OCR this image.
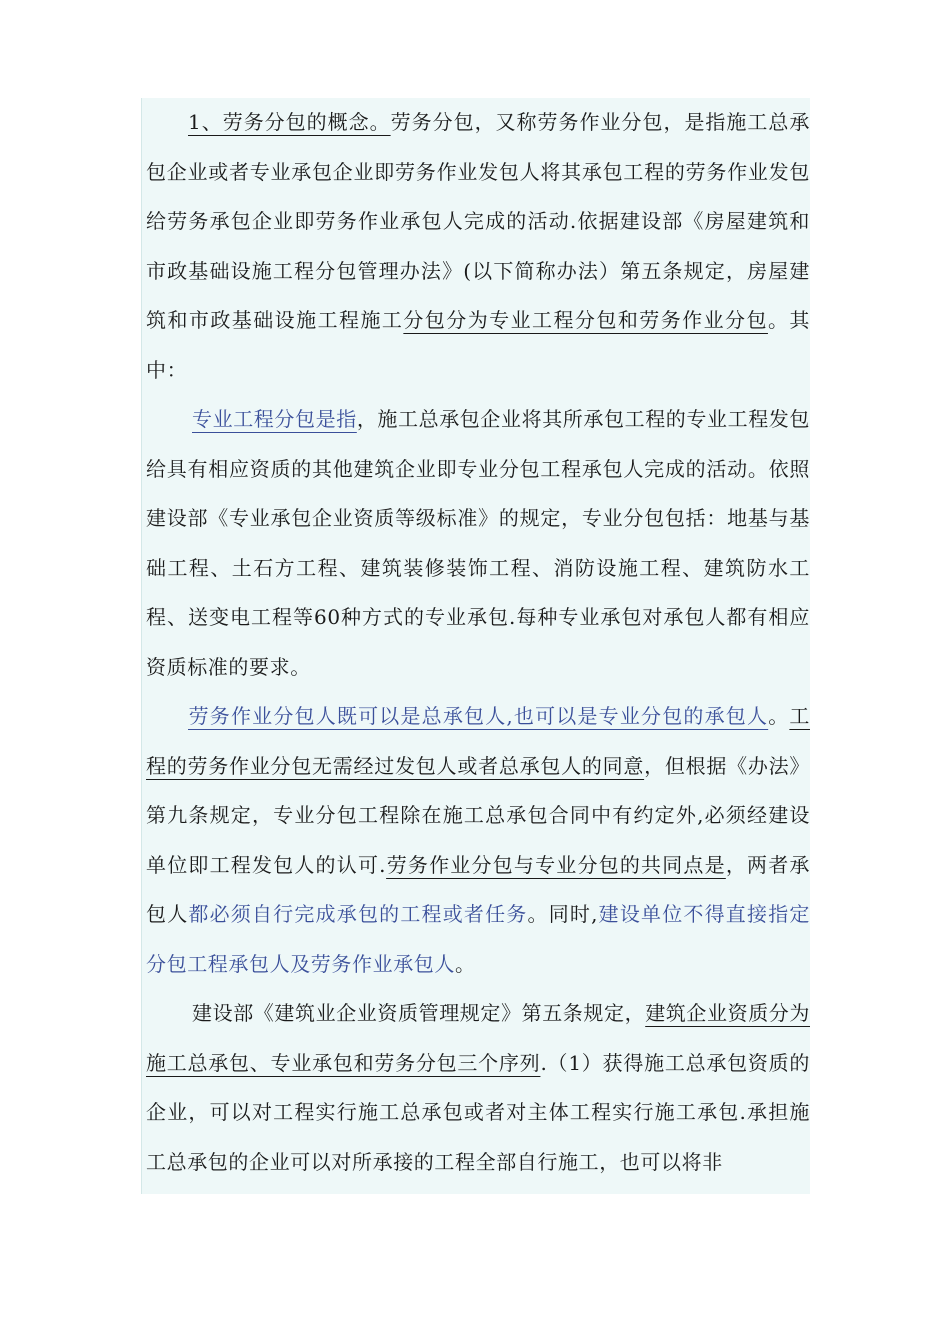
1、劳务分包的概念。劳务分包，又称劳务作业分包，是指施工总承包企业或者专业承包企业即劳务作业发包人将其承包工程的劳务作业发包给劳务承包企业即劳务作业承包人完成的活动.依据建设部《房屋建筑和市政基础设施工程分包管理办法》(以下简称办法）第五条规定，房屋建筑和市政基础设施工程施工分包分为专业工程分包和劳务作业分包。其中：

专业工程分包是指，施工总承包企业将其所承包工程的专业工程发包给具有相应资质的其他建筑企业即专业分包工程承包人完成的活动。依照建设部《专业承包企业资质等级标准》的规定，专业分包包括：地基与基础工程、土石方工程、建筑装修装饰工程、消防设施工程、建筑防水工程、送变电工程等60种方式的专业承包.每种专业承包对承包人都有相应资质标准的要求。

劳务作业分包人既可以是总承包人,也可以是专业分包的承包人。工程的劳务作业分包无需经过发包人或者总承包人的同意，但根据《办法》第九条规定，专业分包工程除在施工总承包合同中有约定外,必须经建设单位即工程发包人的认可.劳务作业分包与专业分包的共同点是，两者承包人都必须自行完成承包的工程或者任务。同时,建设单位不得直接指定分包工程承包人及劳务作业承包人。

建设部《建筑业企业资质管理规定》第五条规定，建筑企业资质分为施工总承包、专业承包和劳务分包三个序列.（1）获得施工总承包资质的企业，可以对工程实行施工总承包或者对主体工程实行施工承包.承担施工总承包的企业可以对所承接的工程全部自行施工，也可以将非
